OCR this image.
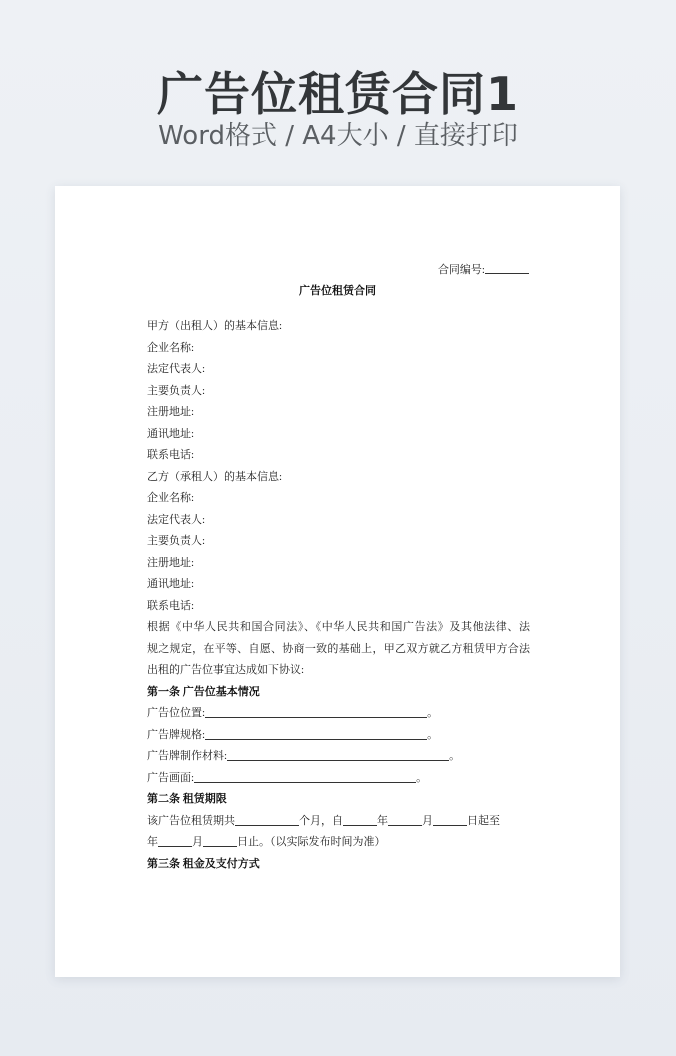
广告位租赁合同1
Word格式 / A4大小 / 直接打印
合同编号:
广告位租赁合同
甲方（出租人）的基本信息:
企业名称:
法定代表人:
主要负责人:
注册地址:
通讯地址:
联系电话:
乙方（承租人）的基本信息:
企业名称:
法定代表人:
主要负责人:
注册地址:
通讯地址:
联系电话:
根据《中华人民共和国合同法》、《中华人民共和国广告法》及其他法律、法
规之规定，在平等、自愿、协商一致的基础上，甲乙双方就乙方租赁甲方合法
出租的广告位事宜达成如下协议:
第一条 广告位基本情况
广告位位置:	。
广告牌规格:	。
广告牌制作材料:	。
广告画面:	。
第二条 租赁期限
该广告位租赁期共	个月，自	年	月	日起至
年	月	日止。（以实际发布时间为准）
第三条 租金及支付方式
